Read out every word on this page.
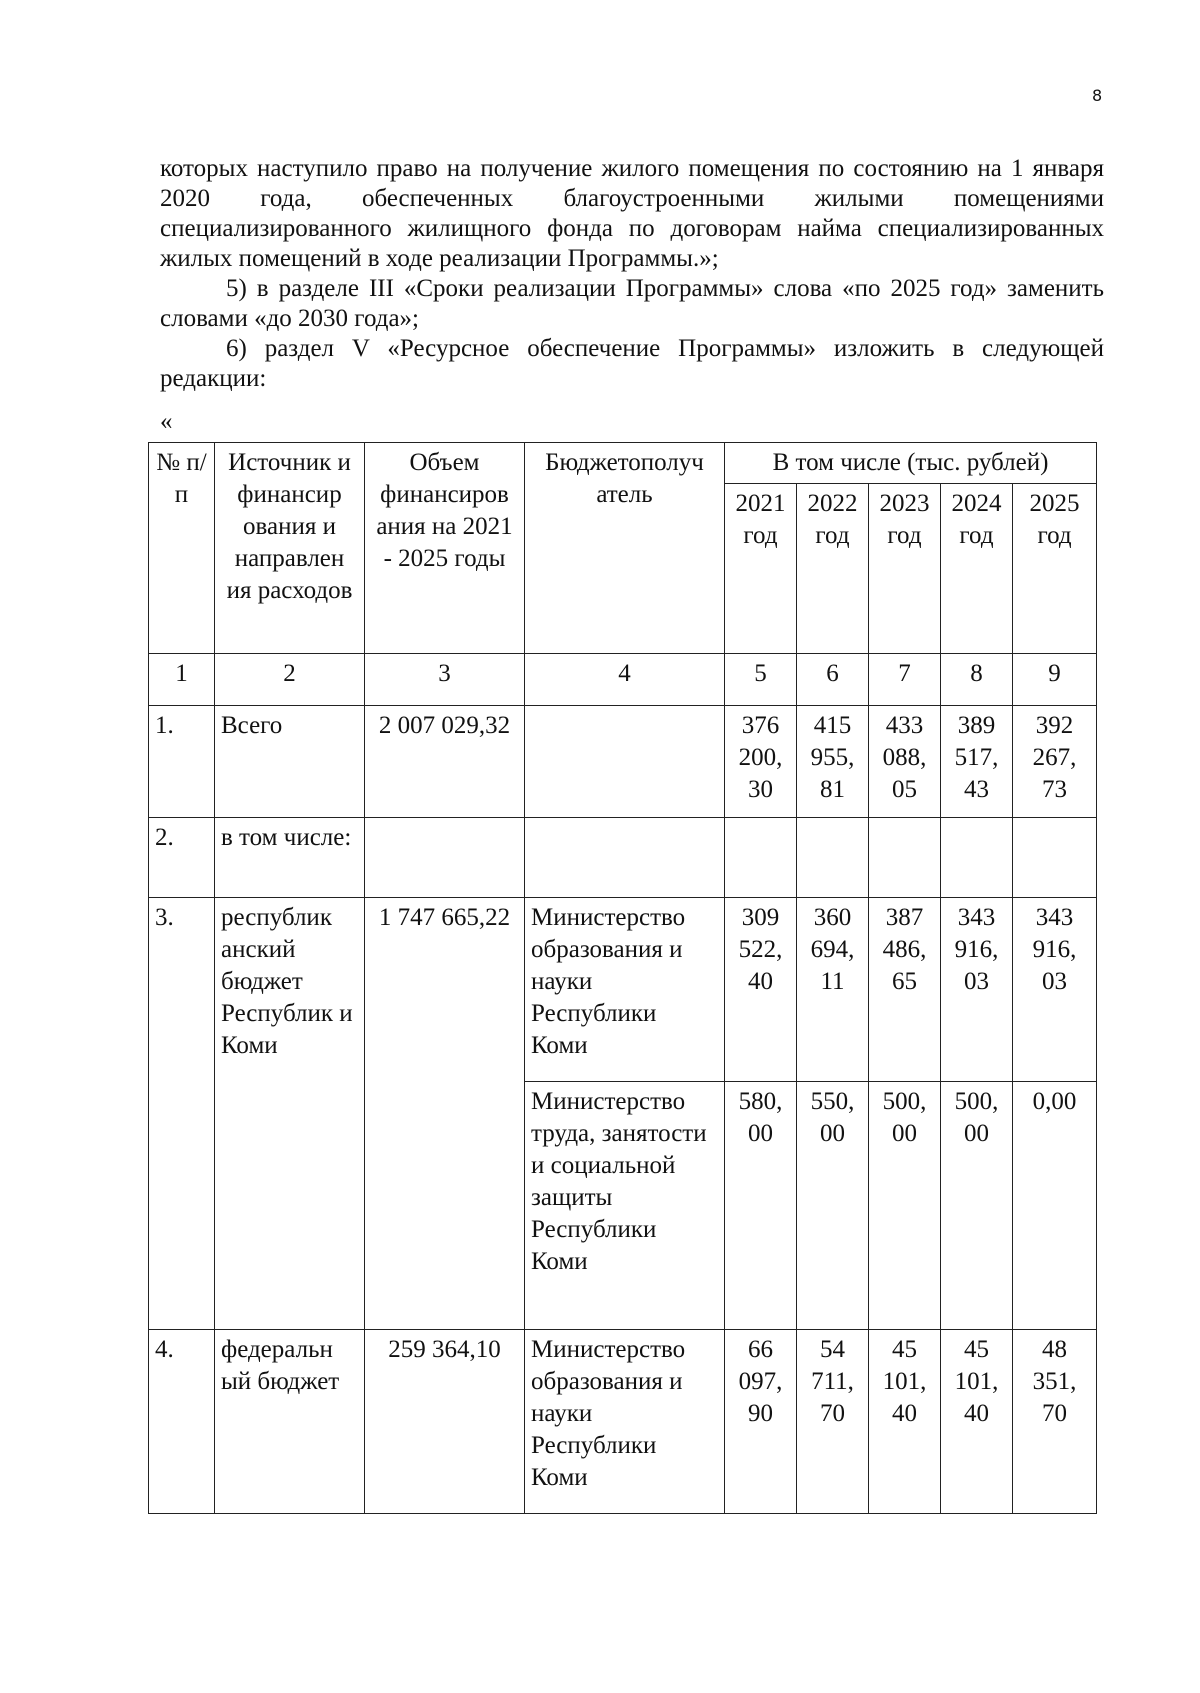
8

которых наступило право на получение жилого помещения по состоянию на 1 января 2020 года, обеспеченных благоустроенными жилыми помещениями специализированного жилищного фонда по договорам найма специализированных жилых помещений в ходе реализации Программы.»;

5) в разделе III «Сроки реализации Программы» слова «по 2025 год» заменить словами «до 2030 года»;

6) раздел V «Ресурсное обеспечение Программы» изложить в следующей редакции:

«
№ п/п	Источник и финансир ования и направлен ия расходов	Объем финансиров ания на 2021 - 2025 годы	Бюджетополуч атель	В том числе (тыс. рублей)				
				2021 год	2022 год	2023 год	2024 год	2025 год
1	2	3	4	5	6	7	8	9
1.	Всего	2 007 029,32		376 200, 30	415 955, 81	433 088, 05	389 517, 43	392 267, 73
2.	в том числе:							
3.	республик анский бюджет Республик и Коми	1 747 665,22	Министерство образования и науки Республики Коми	309 522, 40	360 694, 11	387 486, 65	343 916, 03	343 916, 03
			Министерство труда, занятости и социальной защиты Республики Коми	580, 00	550, 00	500, 00	500, 00	0,00
4.	федеральн ый бюджет	259 364,10	Министерство образования и науки Республики Коми	66 097, 90	54 711, 70	45 101, 40	45 101, 40	48 351, 70
